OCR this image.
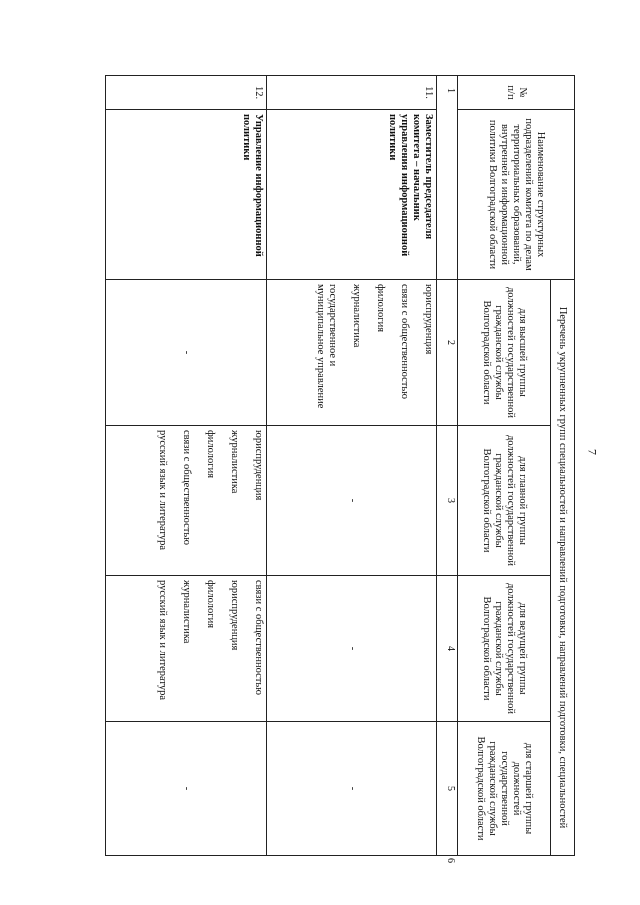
7
№
п/п	Наименование структурных подразделений комитета по делам территориальных образований, внутренней и информационной политики Волгоградской области	Перечень укрупненных групп специальностей и направлений подготовки, направлений подготовки, специальностей				
		для высшей группы должностей государственной гражданской службы Волгоградской области	для главной группы должностей государственной гражданской службы Волгоградской области	для ведущей группы должностей государственной гражданской службы Волгоградской области	для старшей группы должностей государственной гражданской службы Волгоградской области	
1		2	3	4	5	6
11.	Заместитель председателя комитета – начальник управления информационной политики	юриспруденция
связи с общественностью
филология
журналистика
государственное и муниципальное управление	-	-	-	
12.	Управление информационной политики	-	юриспруденция
журналистика
филология
связи с общественностью
русский язык и литература	связи с общественностью
юриспруденция
филология
журналистика
русский язык и литература	-	
